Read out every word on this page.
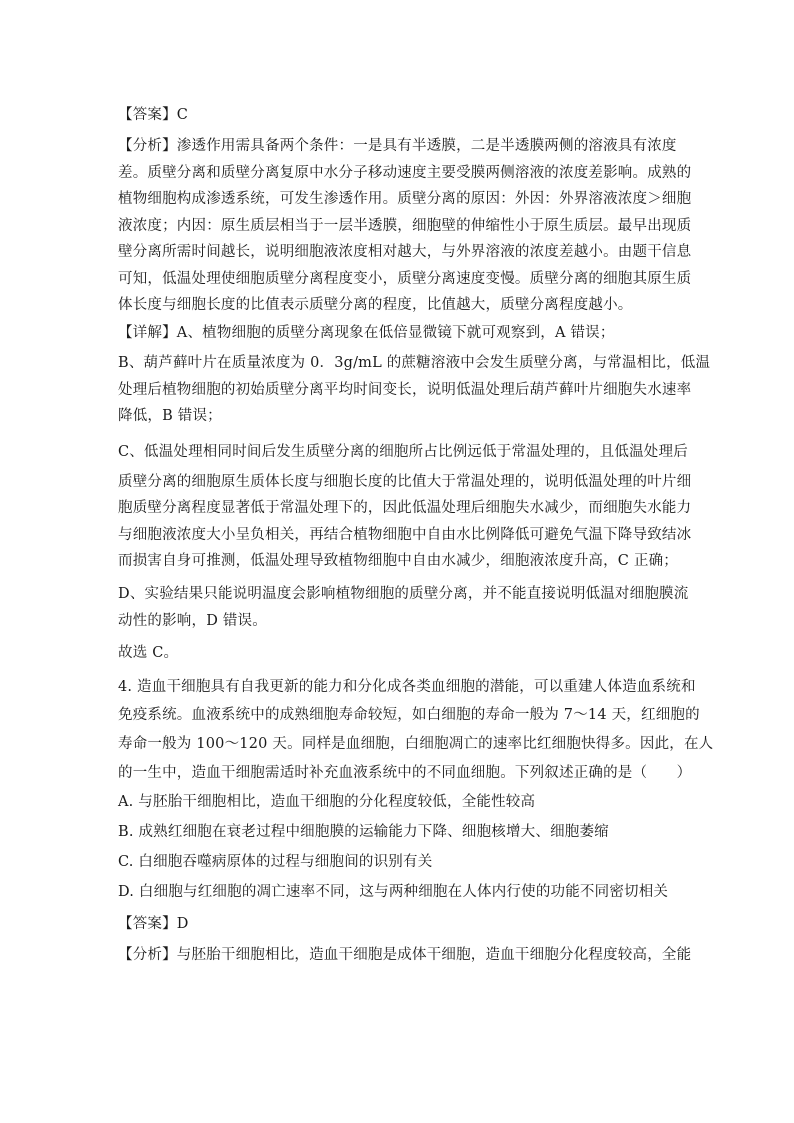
【答案】C
【分析】渗透作用需具备两个条件：一是具有半透膜，二是半透膜两侧的溶液具有浓度
差。质壁分离和质壁分离复原中水分子移动速度主要受膜两侧溶液的浓度差影响。成熟的
植物细胞构成渗透系统，可发生渗透作用。质壁分离的原因：外因：外界溶液浓度＞细胞
液浓度；内因：原生质层相当于一层半透膜，细胞壁的伸缩性小于原生质层。最早出现质
壁分离所需时间越长，说明细胞液浓度相对越大，与外界溶液的浓度差越小。由题干信息
可知，低温处理使细胞质壁分离程度变小，质壁分离速度变慢。质壁分离的细胞其原生质
体长度与细胞长度的比值表示质壁分离的程度，比值越大，质壁分离程度越小。
【详解】A、植物细胞的质壁分离现象在低倍显微镜下就可观察到，A 错误；
B、葫芦藓叶片在质量浓度为 0．3g/mL 的蔗糖溶液中会发生质壁分离，与常温相比，低温
处理后植物细胞的初始质壁分离平均时间变长，说明低温处理后葫芦藓叶片细胞失水速率
降低，B 错误；
C、低温处理相同时间后发生质壁分离的细胞所占比例远低于常温处理的，且低温处理后
质壁分离的细胞原生质体长度与细胞长度的比值大于常温处理的，说明低温处理的叶片细
胞质壁分离程度显著低于常温处理下的，因此低温处理后细胞失水减少，而细胞失水能力
与细胞液浓度大小呈负相关，再结合植物细胞中自由水比例降低可避免气温下降导致结冰
而损害自身可推测，低温处理导致植物细胞中自由水减少，细胞液浓度升高，C 正确；
D、实验结果只能说明温度会影响植物细胞的质壁分离，并不能直接说明低温对细胞膜流
动性的影响，D 错误。
故选 C。
4. 造血干细胞具有自我更新的能力和分化成各类血细胞的潜能，可以重建人体造血系统和
免疫系统。血液系统中的成熟细胞寿命较短，如白细胞的寿命一般为 7～14 天，红细胞的
寿命一般为 100～120 天。同样是血细胞，白细胞凋亡的速率比红细胞快得多。因此，在人
的一生中，造血干细胞需适时补充血液系统中的不同血细胞。下列叙述正确的是（　　）
A. 与胚胎干细胞相比，造血干细胞的分化程度较低，全能性较高
B. 成熟红细胞在衰老过程中细胞膜的运输能力下降、细胞核增大、细胞萎缩
C. 白细胞吞噬病原体的过程与细胞间的识别有关
D. 白细胞与红细胞的凋亡速率不同，这与两种细胞在人体内行使的功能不同密切相关
【答案】D
【分析】与胚胎干细胞相比，造血干细胞是成体干细胞，造血干细胞分化程度较高，全能
